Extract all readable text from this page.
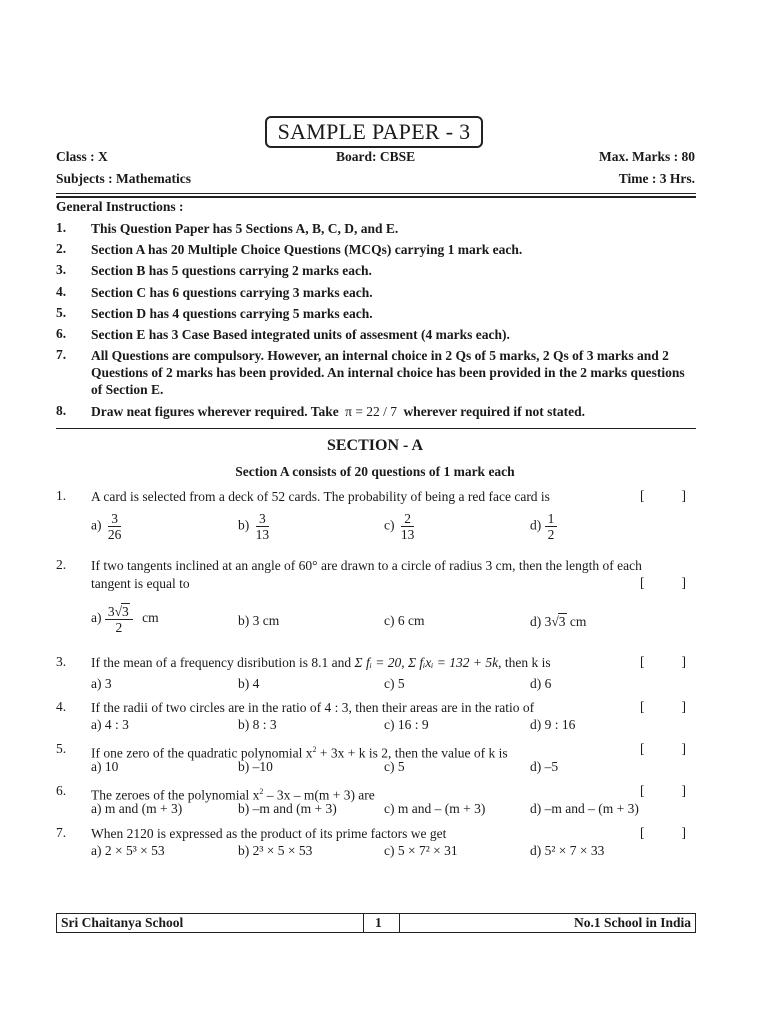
SAMPLE PAPER - 3
Class : X	Board: CBSE	Max. Marks : 80
Subjects : Mathematics	Time : 3 Hrs.
General Instructions :
1. This Question Paper has 5 Sections A, B, C, D, and E.
2. Section A has 20 Multiple Choice Questions (MCQs) carrying 1 mark each.
3. Section B has 5 questions carrying 2 marks each.
4. Section C has 6 questions carrying 3 marks each.
5. Section D has 4 questions carrying 5 marks each.
6. Section E has 3 Case Based integrated units of assesment (4 marks each).
7. All Questions are compulsory. However, an internal choice in 2 Qs of 5 marks, 2 Qs of 3 marks and 2 Questions of 2 marks has been provided. An internal choice has been provided in the 2 marks questions of Section E.
8. Draw neat figures wherever required. Take π = 22 / 7 wherever required if not stated.
SECTION - A
Section A consists of 20 questions of 1 mark each
1. A card is selected from a deck of 52 cards. The probability of being a red face card is	[	]
$a) \frac{3}{26}$	$b) \frac{3}{13}$	$c) \frac{2}{13}$	$d) \frac{1}{2}$
2. If two tangents inclined at an angle of 60° are drawn to a circle of radius 3 cm, then the length of each
tangent is equal to	[	]
$a) \frac{3√3}{2}$ cm	b) 3 cm	c) 6 cm	d) 3√3 cm
3. If the mean of a frequency disribution is 8.1 and Σ fᵢ = 20, Σ fᵢxᵢ = 132 + 5k, then k is	[	]
a) 3	b) 4	c) 5	d) 6
4. If the radii of two circles are in the ratio of 4 : 3, then their areas are in the ratio of	[	]
a) 4 : 3	b) 8 : 3	c) 16 : 9	d) 9 : 16
5. If one zero of the quadratic polynomial $x^2 + 3x + k$ is 2, then the value of k is	[	]
a) 10	b) –10	c) 5	d) –5
6. The zeroes of the polynomial $x^2 - 3x - m(m + 3)$ are	[	]
a) m and (m + 3)	b) –m and (m + 3)	c) m and – (m + 3)	d) –m and – (m + 3)
7. When 2120 is expressed as the product of its prime factors we get	[	]
a) 2 × 5³ × 53	b) 2³ × 5 × 53	c) 5 × 7² × 31	d) 5² × 7 × 33
Sri Chaitanya School	1	No.1 School in India
